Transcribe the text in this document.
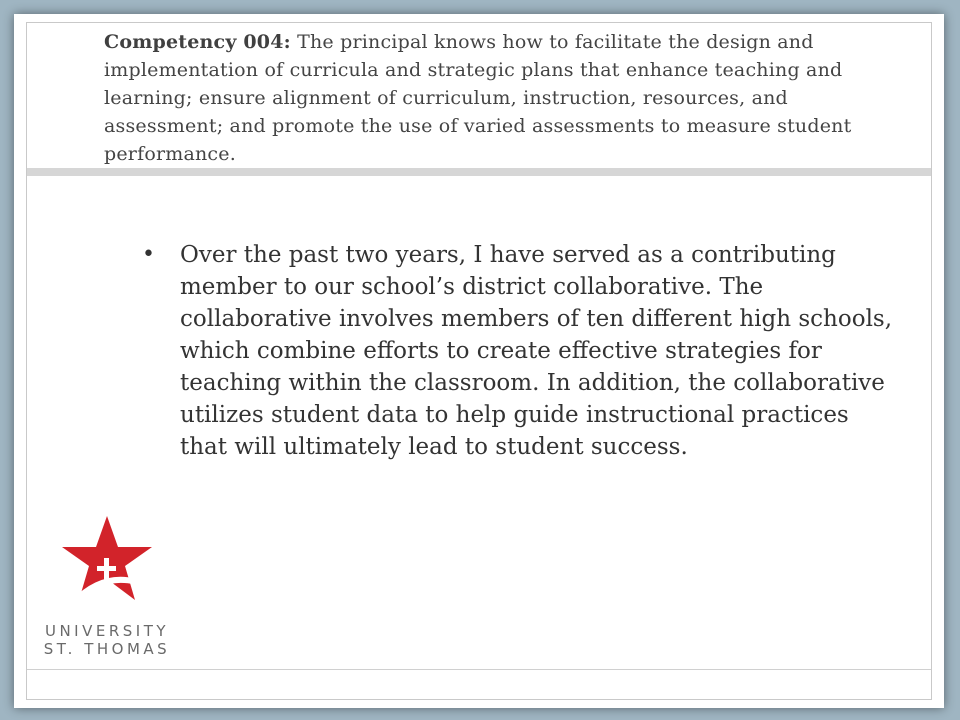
Competency 004: The principal knows how to facilitate the design and implementation of curricula and strategic plans that enhance teaching and learning; ensure alignment of curriculum, instruction, resources, and assessment; and promote the use of varied assessments to measure student performance.
• Over the past two years, I have served as a contributing member to our school’s district collaborative. The collaborative involves members of ten different high schools, which combine efforts to create effective strategies for teaching within the classroom. In addition, the collaborative utilizes student data to help guide instructional practices that will ultimately lead to student success.
UNIVERSITY
ST. THOMAS
